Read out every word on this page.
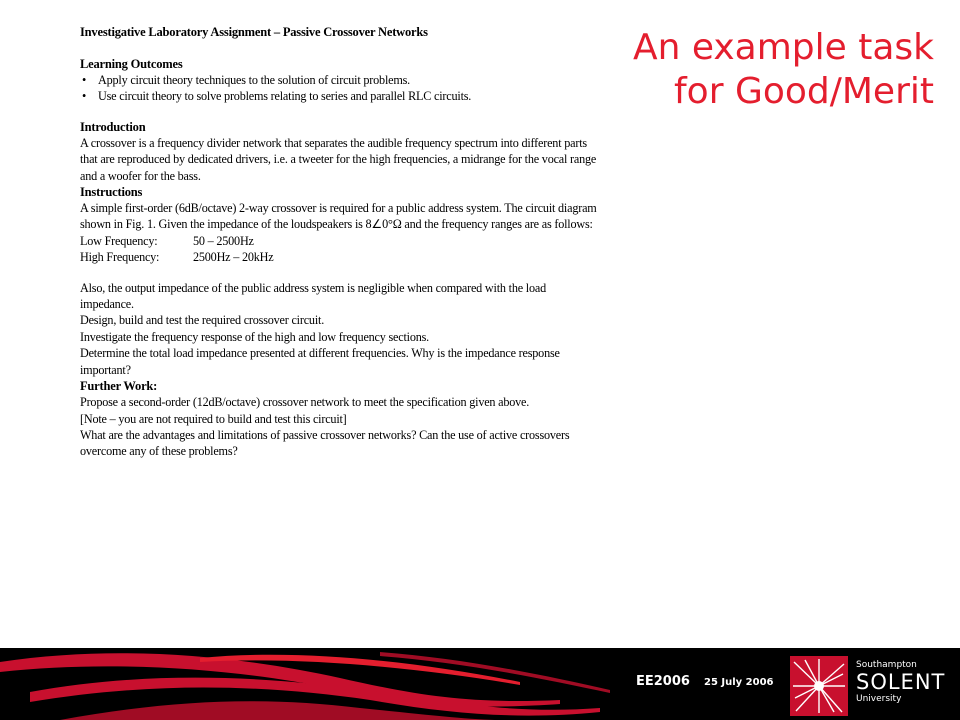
Investigative Laboratory Assignment – Passive Crossover Networks
Learning Outcomes
• Apply circuit theory techniques to the solution of circuit problems.
• Use circuit theory to solve problems relating to series and parallel RLC circuits.
Introduction

A crossover is a frequency divider network that separates the audible frequency spectrum into different parts that are reproduced by dedicated drivers, i.e. a tweeter for the high frequencies, a midrange for the vocal range and a woofer for the bass.

Instructions

A simple first-order (6dB/octave) 2-way crossover is required for a public address system. The circuit diagram shown in Fig. 1. Given the impedance of the loudspeakers is 8∠0°Ω and the frequency ranges are as follows:

Low Frequency:	50 – 2500Hz
High Frequency:	2500Hz – 20kHz

Also, the output impedance of the public address system is negligible when compared with the load impedance.

Design, build and test the required crossover circuit.

Investigate the frequency response of the high and low frequency sections.

Determine the total load impedance presented at different frequencies. Why is the impedance response important?

Further Work:

Propose a second-order (12dB/octave) crossover network to meet the specification given above.

[Note – you are not required to build and test this circuit]

What are the advantages and limitations of passive crossover networks? Can the use of active crossovers overcome any of these problems?

An example task
for Good/Merit
EE2006 25 July 2006
Southampton
SOLENT
University
